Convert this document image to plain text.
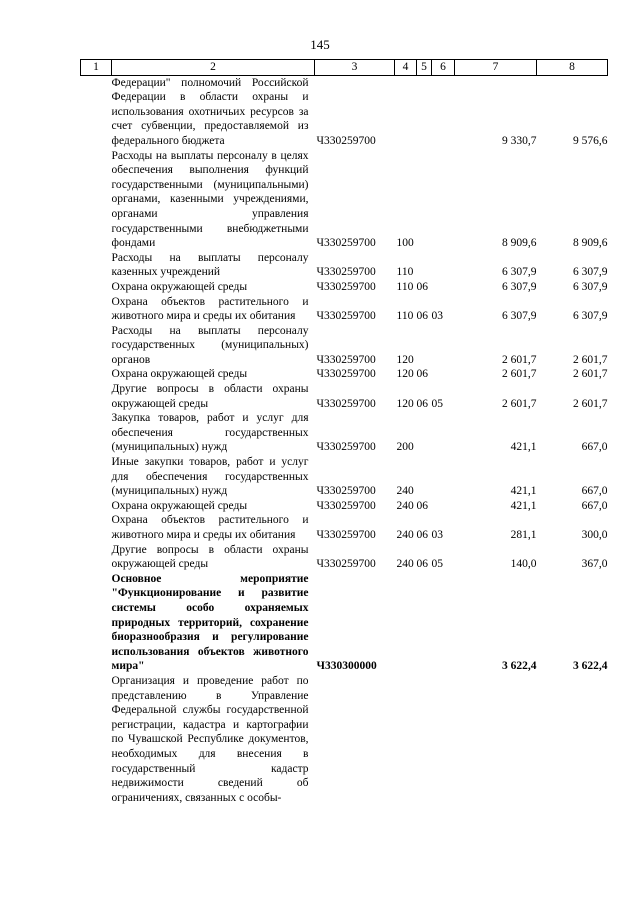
145
1	2	3	4	5	6	7	8
	Федерации" полномочий Российской Федерации в области охраны и использования охотничьих ресурсов за счет субвенции, предоставляемой из федерального бюджета	Ч330259700				9 330,7	9 576,6
	Расходы на выплаты персоналу в целях обеспечения выполнения функций государственными (муниципальными) органами, казенными учреждениями, органами управления государственными внебюджетными фондами	Ч330259700	100			8 909,6	8 909,6
	Расходы на выплаты персоналу казенных учреждений	Ч330259700	110			6 307,9	6 307,9
	Охрана окружающей среды	Ч330259700	110	06		6 307,9	6 307,9
	Охрана объектов растительного и животного мира и среды их обитания	Ч330259700	110	06	03	6 307,9	6 307,9
	Расходы на выплаты персоналу государственных (муниципальных) органов	Ч330259700	120			2 601,7	2 601,7
	Охрана окружающей среды	Ч330259700	120	06		2 601,7	2 601,7
	Другие вопросы в области охраны окружающей среды	Ч330259700	120	06	05	2 601,7	2 601,7
	Закупка товаров, работ и услуг для обеспечения государственных (муниципальных) нужд	Ч330259700	200			421,1	667,0
	Иные закупки товаров, работ и услуг для обеспечения государственных (муниципальных) нужд	Ч330259700	240			421,1	667,0
	Охрана окружающей среды	Ч330259700	240	06		421,1	667,0
	Охрана объектов растительного и животного мира и среды их обитания	Ч330259700	240	06	03	281,1	300,0
	Другие вопросы в области охраны окружающей среды	Ч330259700	240	06	05	140,0	367,0
	Основное мероприятие "Функционирование и развитие системы особо охраняемых природных территорий, сохранение биоразнообразия и регулирование использования объектов животного мира"	Ч330300000				3 622,4	3 622,4
	Организация и проведение работ по представлению в Управление Федеральной службы государственной регистрации, кадастра и картографии по Чувашской Республике документов, необходимых для внесения в государственный кадастр недвижимости сведений об ограничениях, связанных с особы-						
